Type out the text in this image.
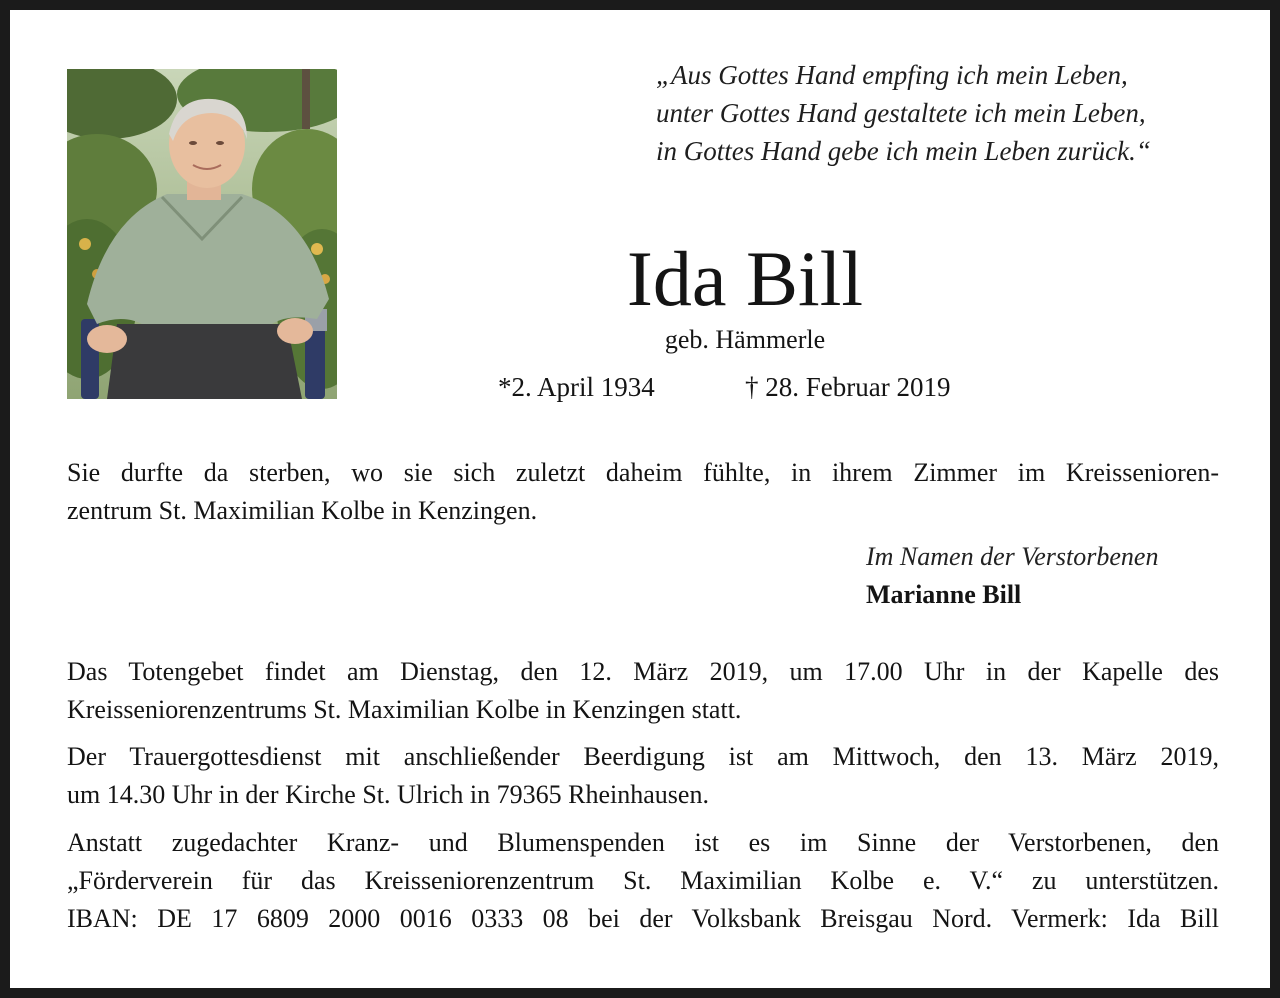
„Aus Gottes Hand empfing ich mein Leben,
unter Gottes Hand gestaltete ich mein Leben,
in Gottes Hand gebe ich mein Leben zurück.“
Ida Bill
geb. Hämmerle
*2. April 1934	† 28. Februar 2019
Sie durfte da sterben, wo sie sich zuletzt daheim fühlte, in ihrem Zimmer im Kreissenioren-
zentrum St. Maximilian Kolbe in Kenzingen.
Im Namen der Verstorbenen
Marianne Bill
Das Totengebet findet am Dienstag, den 12. März 2019, um 17.00 Uhr in der Kapelle des
Kreisseniorenzentrums St. Maximilian Kolbe in Kenzingen statt.
Der Trauergottesdienst mit anschließender Beerdigung ist am Mittwoch, den 13. März 2019,
um 14.30 Uhr in der Kirche St. Ulrich in 79365 Rheinhausen.
Anstatt zugedachter Kranz- und Blumenspenden ist es im Sinne der Verstorbenen, den
„Förderverein für das Kreisseniorenzentrum St. Maximilian Kolbe e. V.“ zu unterstützen.
IBAN: DE 17 6809 2000 0016 0333 08 bei der Volksbank Breisgau Nord. Vermerk: Ida Bill
